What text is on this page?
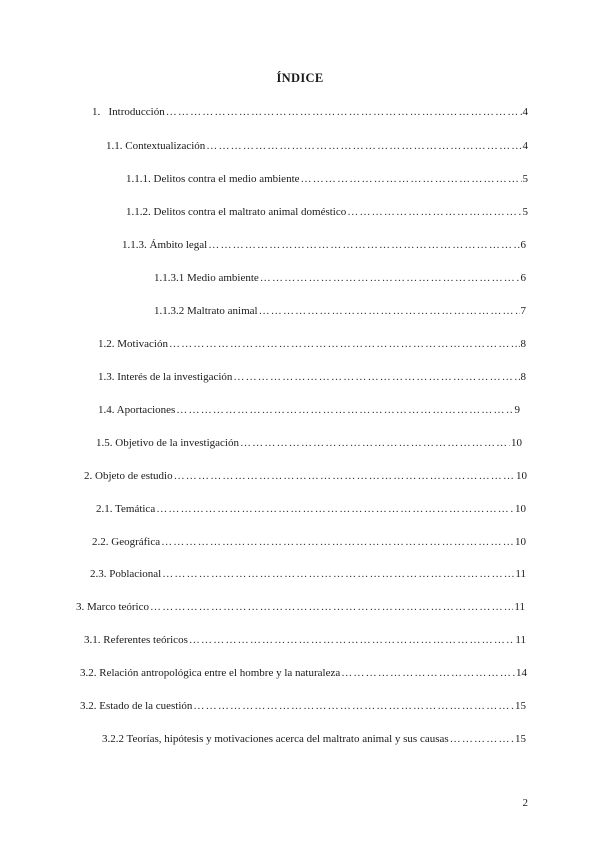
ÍNDICE
1.   Introducción ……………………………………………………………………………………………………………………………………………………………………………	4
1.1. Contextualización ……………………………………………………………………………………………………………………………………………………………………………	4
1.1.1. Delitos contra el medio ambiente ……………………………………………………………………………………………………………………………………………………………………………	5
1.1.2. Delitos contra el maltrato animal doméstico ……………………………………………………………………………………………………………………………………………………………………………	5
1.1.3. Ámbito legal ……………………………………………………………………………………………………………………………………………………………………………	6
1.1.3.1 Medio ambiente ……………………………………………………………………………………………………………………………………………………………………………	6
1.1.3.2 Maltrato animal ……………………………………………………………………………………………………………………………………………………………………………	7
1.2. Motivación ……………………………………………………………………………………………………………………………………………………………………………	8
1.3. Interés de la investigación ……………………………………………………………………………………………………………………………………………………………………………	8
1.4. Aportaciones ……………………………………………………………………………………………………………………………………………………………………………	9
1.5. Objetivo de la investigación ……………………………………………………………………………………………………………………………………………………………………………	10
2. Objeto de estudio ……………………………………………………………………………………………………………………………………………………………………………	10
2.1. Temática ……………………………………………………………………………………………………………………………………………………………………………	10
2.2. Geográfica ……………………………………………………………………………………………………………………………………………………………………………	10
2.3. Poblacional ……………………………………………………………………………………………………………………………………………………………………………	11
3. Marco teórico ……………………………………………………………………………………………………………………………………………………………………………	11
3.1. Referentes teóricos ……………………………………………………………………………………………………………………………………………………………………………	11
3.2. Relación antropológica entre el hombre y la naturaleza ……………………………………………………………………………………………………………………………………………………………………………	14
3.2. Estado de la cuestión ……………………………………………………………………………………………………………………………………………………………………………	15
3.2.2 Teorías, hipótesis y motivaciones acerca del maltrato animal y sus causas ……………………………………………………………………………………………………………………………………………………………………………	15
2
